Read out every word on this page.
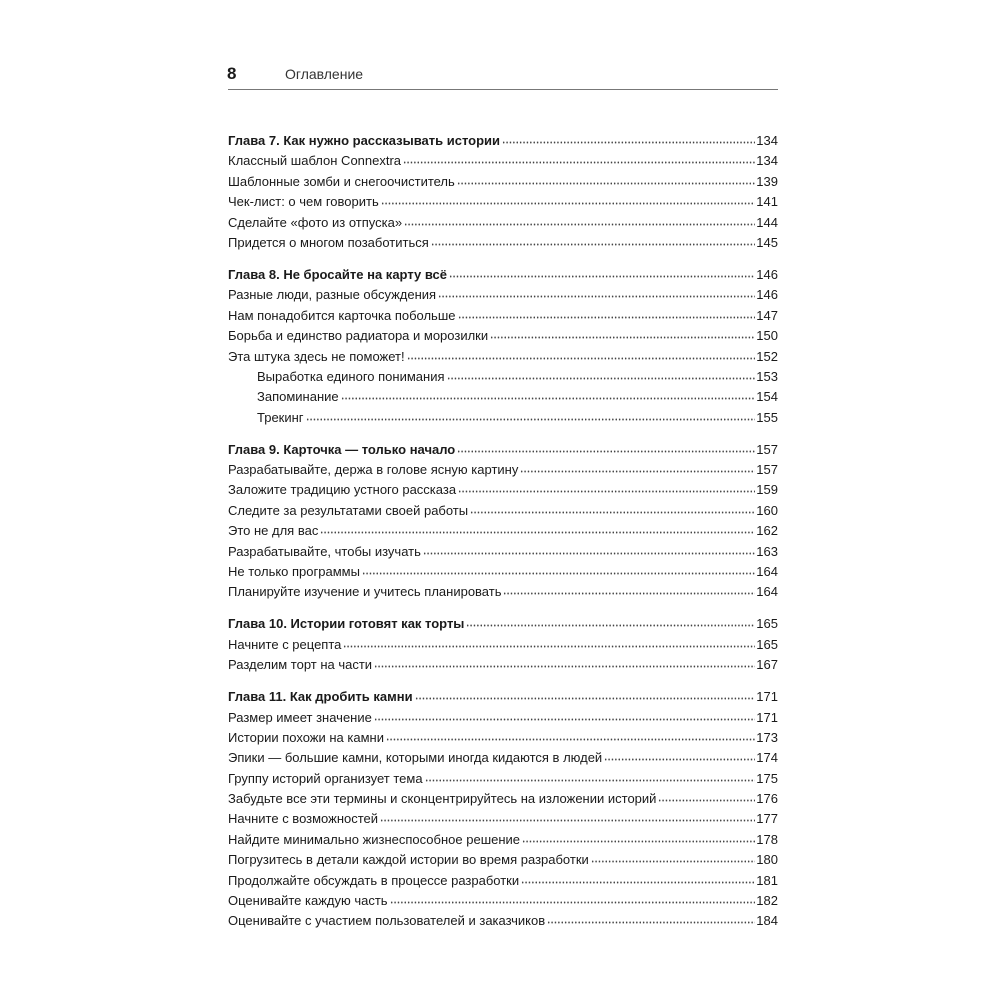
8	Оглавление
Глава 7. Как нужно рассказывать истории	134
Классный шаблон Connextra	134
Шаблонные зомби и снегоочиститель	139
Чек-лист: о чем говорить	141
Сделайте «фото из отпуска»	144
Придется о многом позаботиться	145
Глава 8. Не бросайте на карту всё	146
Разные люди, разные обсуждения	146
Нам понадобится карточка побольше	147
Борьба и единство радиатора и морозилки	150
Эта штука здесь не поможет!	152
Выработка единого понимания	153
Запоминание	154
Трекинг	155
Глава 9. Карточка — только начало	157
Разрабатывайте, держа в голове ясную картину	157
Заложите традицию устного рассказа	159
Следите за результатами своей работы	160
Это не для вас	162
Разрабатывайте, чтобы изучать	163
Не только программы	164
Планируйте изучение и учитесь планировать	164
Глава 10. Истории готовят как торты	165
Начните с рецепта	165
Разделим торт на части	167
Глава 11. Как дробить камни	171
Размер имеет значение	171
Истории похожи на камни	173
Эпики — большие камни, которыми иногда кидаются в людей	174
Группу историй организует тема	175
Забудьте все эти термины и сконцентрируйтесь на изложении историй	176
Начните с возможностей	177
Найдите минимально жизнеспособное решение	178
Погрузитесь в детали каждой истории во время разработки	180
Продолжайте обсуждать в процессе разработки	181
Оценивайте каждую часть	182
Оценивайте с участием пользователей и заказчиков	184
